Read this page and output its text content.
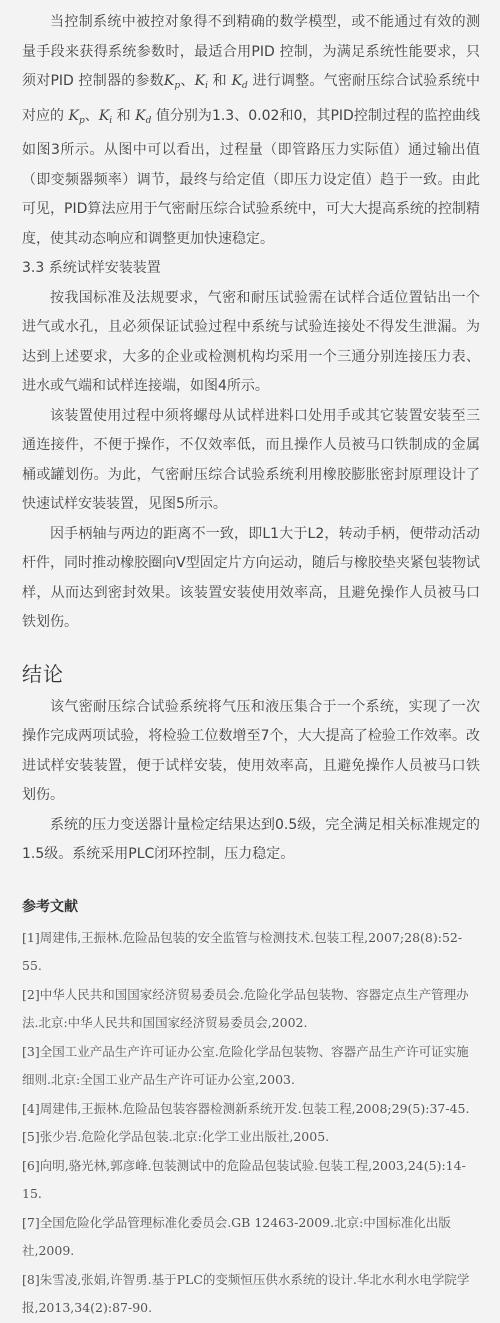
当控制系统中被控对象得不到精确的数学模型，或不能通过有效的测量手段来获得系统参数时，最适合用PID 控制，为满足系统性能要求，只须对PID 控制器的参数$K_p$、$K_i$ 和 $K_d$ 进行调整。气密耐压综合试验系统中对应的 $K_p$、$K_i$ 和 $K_d$ 值分别为1.3、0.02和0，其PID控制过程的监控曲线如图3所示。从图中可以看出，过程量（即管路压力实际值）通过输出值（即变频器频率）调节，最终与给定值（即压力设定值）趋于一致。由此可见，PID算法应用于气密耐压综合试验系统中，可大大提高系统的控制精度，使其动态响应和调整更加快速稳定。

3.3 系统试样安装装置

按我国标准及法规要求，气密和耐压试验需在试样合适位置钻出一个进气或水孔，且必须保证试验过程中系统与试验连接处不得发生泄漏。为达到上述要求，大多的企业或检测机构均采用一个三通分别连接压力表、进水或气端和试样连接端，如图4所示。

该装置使用过程中须将螺母从试样进料口处用手或其它装置安装至三通连接件，不便于操作，不仅效率低，而且操作人员被马口铁制成的金属桶或罐划伤。为此，气密耐压综合试验系统利用橡胶膨胀密封原理设计了快速试样安装装置，见图5所示。

因手柄轴与两边的距离不一致，即L1大于L2，转动手柄，便带动活动杆件，同时推动橡胶圈向V型固定片方向运动，随后与橡胶垫夹紧包装物试样，从而达到密封效果。该装置安装使用效率高，且避免操作人员被马口铁划伤。

结论

该气密耐压综合试验系统将气压和液压集合于一个系统，实现了一次操作完成两项试验，将检验工位数增至7个，大大提高了检验工作效率。改进试样安装装置，便于试样安装，使用效率高，且避免操作人员被马口铁划伤。

系统的压力变送器计量检定结果达到0.5级，完全满足相关标准规定的1.5级。系统采用PLC闭环控制，压力稳定。

参考文献

[1]周建伟,王振林.危险品包装的安全监管与检测技术.包装工程,2007;28(8):52-55.

[2]中华人民共和国国家经济贸易委员会.危险化学品包装物、容器定点生产管理办法.北京:中华人民共和国国家经济贸易委员会,2002.

[3]全国工业产品生产许可证办公室.危险化学品包装物、容器产品生产许可证实施细则.北京:全国工业产品生产许可证办公室,2003.

[4]周建伟,王振林.危险品包装容器检测新系统开发.包装工程,2008;29(5):37-45.

[5]张少岩.危险化学品包装.北京:化学工业出版社,2005.

[6]向明,骆光林,郭彦峰.包装测试中的危险品包装试验.包装工程,2003,24(5):14-15.

[7]全国危险化学品管理标准化委员会.GB 12463-2009.北京:中国标准化出版社,2009.

[8]朱雪凌,张娟,许智勇.基于PLC的变频恒压供水系统的设计.华北水利水电学院学报,2013,34(2):87-90.
